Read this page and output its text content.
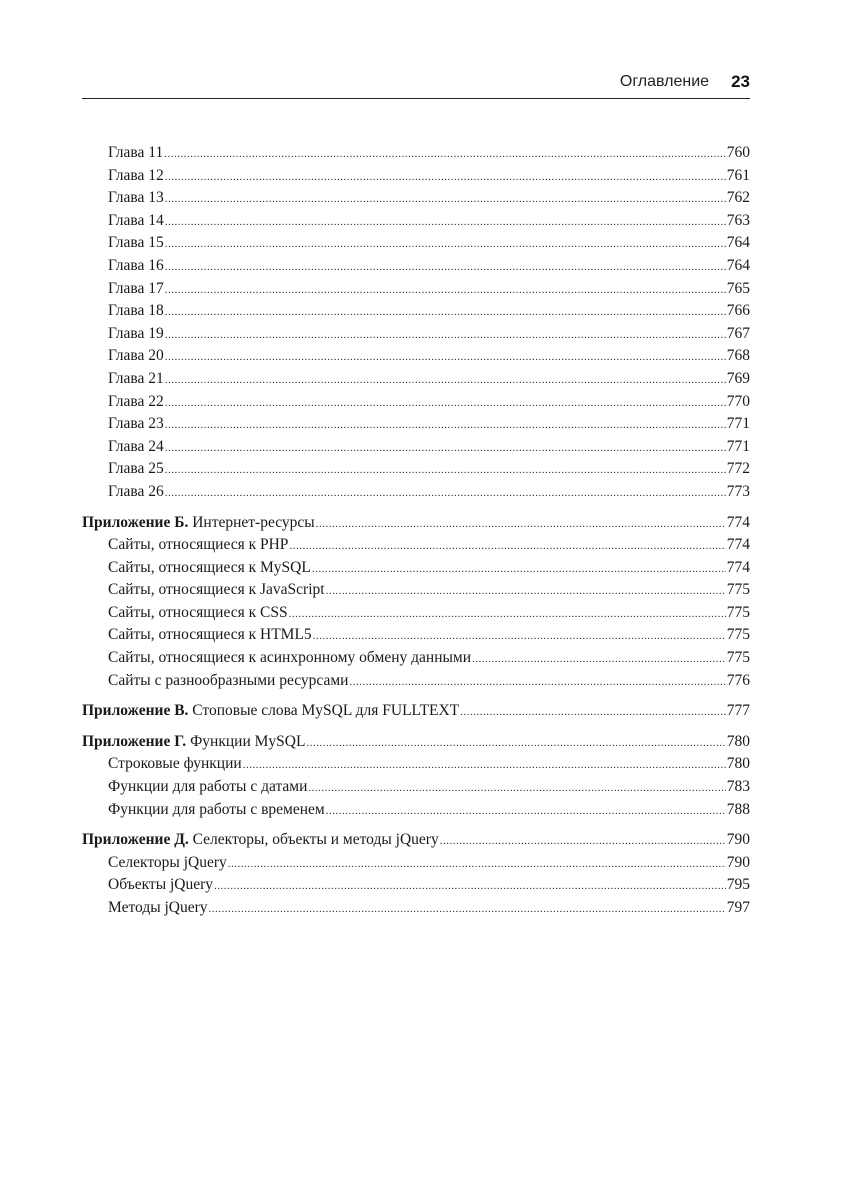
Оглавление 23
Глава 11 .....	760
Глава 12 .....	761
Глава 13 .....	762
Глава 14 .....	763
Глава 15 .....	764
Глава 16 .....	764
Глава 17 .....	765
Глава 18 .....	766
Глава 19 .....	767
Глава 20 .....	768
Глава 21 .....	769
Глава 22 .....	770
Глава 23 .....	771
Глава 24 .....	771
Глава 25 .....	772
Глава 26 .....	773
Приложение Б. Интернет-ресурсы .....	774
Сайты, относящиеся к PHP .....	774
Сайты, относящиеся к MySQL .....	774
Сайты, относящиеся к JavaScript .....	775
Сайты, относящиеся к CSS .....	775
Сайты, относящиеся к HTML5 .....	775
Сайты, относящиеся к асинхронному обмену данными .....	775
Сайты с разнообразными ресурсами .....	776
Приложение В. Стоповые слова MySQL для FULLTEXT .....	777
Приложение Г. Функции MySQL .....	780
Строковые функции .....	780
Функции для работы с датами .....	783
Функции для работы с временем .....	788
Приложение Д. Селекторы, объекты и методы jQuery .....	790
Селекторы jQuery .....	790
Объекты jQuery .....	795
Методы jQuery .....	797
